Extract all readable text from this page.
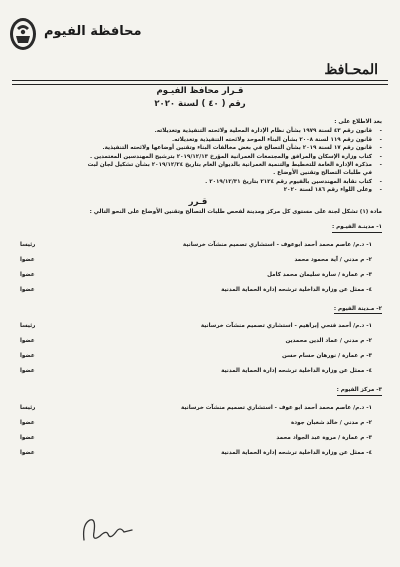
محافظة الفيوم
المحـافظ
قـرار محافظ الفيـوم
رقم ( ٤٠ ) لسنة ٢٠٢٠
بعد الاطلاع على :
- قانون رقم ٤٣ لسنة ١٩٧٩ بشأن نظام الإدارة المحلية ولائحته التنفيذية وتعديلاته.
- قانون رقم ١١٩ لسنة ٢٠٠٨ بشأن البناء الموحد ولائحته التنفيذية وتعديلاته.
- قانون رقم ١٧ لسنة ٢٠١٩ بشأن التصالح في بعض مخالفات البناء وتقنين أوضاعها ولائحته التنفيذية.
- كتاب وزارة الإسكان والمرافق والمجتمعات العمرانية المؤرخ ٢٠١٩/١٢/١٣ بترشيح المهندسين المعتمدين .
- مذكرة الإدارة العامة للتخطيط والتنمية العمرانية بالديوان العام بتاريخ ٢٠١٩/١٢/٢٤ بشأن تشكيل لجان لبت
في طلبات التصالح وتقنين الأوضاع .
- كتاب نقابة المهندسين بالفيوم رقم ٢١٢٤ بتاريخ ٢٠١٩/١٢/٣١ .
- وعلى اللواء رقم ١٨٦ لسنة ٢٠٢٠
قـرر
مادة (١) تشكل لجنة على مستوى كل مركز ومدينة لفحص طلبات التصالح وتقنين الأوضاع على النحو التالي :
١- مدينـة الفيـوم :
١- د.م/ عاصم محمد أحمد ابوعوف - استشاري تصميم منشآت خرسانية
رئيسا
٢- م مدني / آية محمود محمد
عضوا
٣- م عمارة / سارة سليمان محمد كامل
عضوا
٤- ممثل عن وزارة الداخلية ترشحه إدارة الحماية المدنية
عضوا
٢- مـدينة الفيوم :
١- د.م/ أحمد فتحي إبراهيم - استشاري تصميم منشآت خرسانية
رئيسا
٢- م مدني / عماد الدين محمدين
عضوا
٣- م عمارة / نورهان حسام حسن
عضوا
٤- ممثل عن وزارة الداخلية ترشحه إدارة الحماية المدنية
عضوا
٣- مركز الفيوم :
١- د.م/ عاصم محمد أحمد ابو عوف - استشاري تصميم منشآت خرسانية
رئيسا
٢- م مدني / خالد شعبان جودة
عضوا
٣- م عمارة / مروة عبد الجواد محمد
عضوا
٤- ممثل عن وزارة الداخلية ترشحه إدارة الحماية المدنية
عضوا
